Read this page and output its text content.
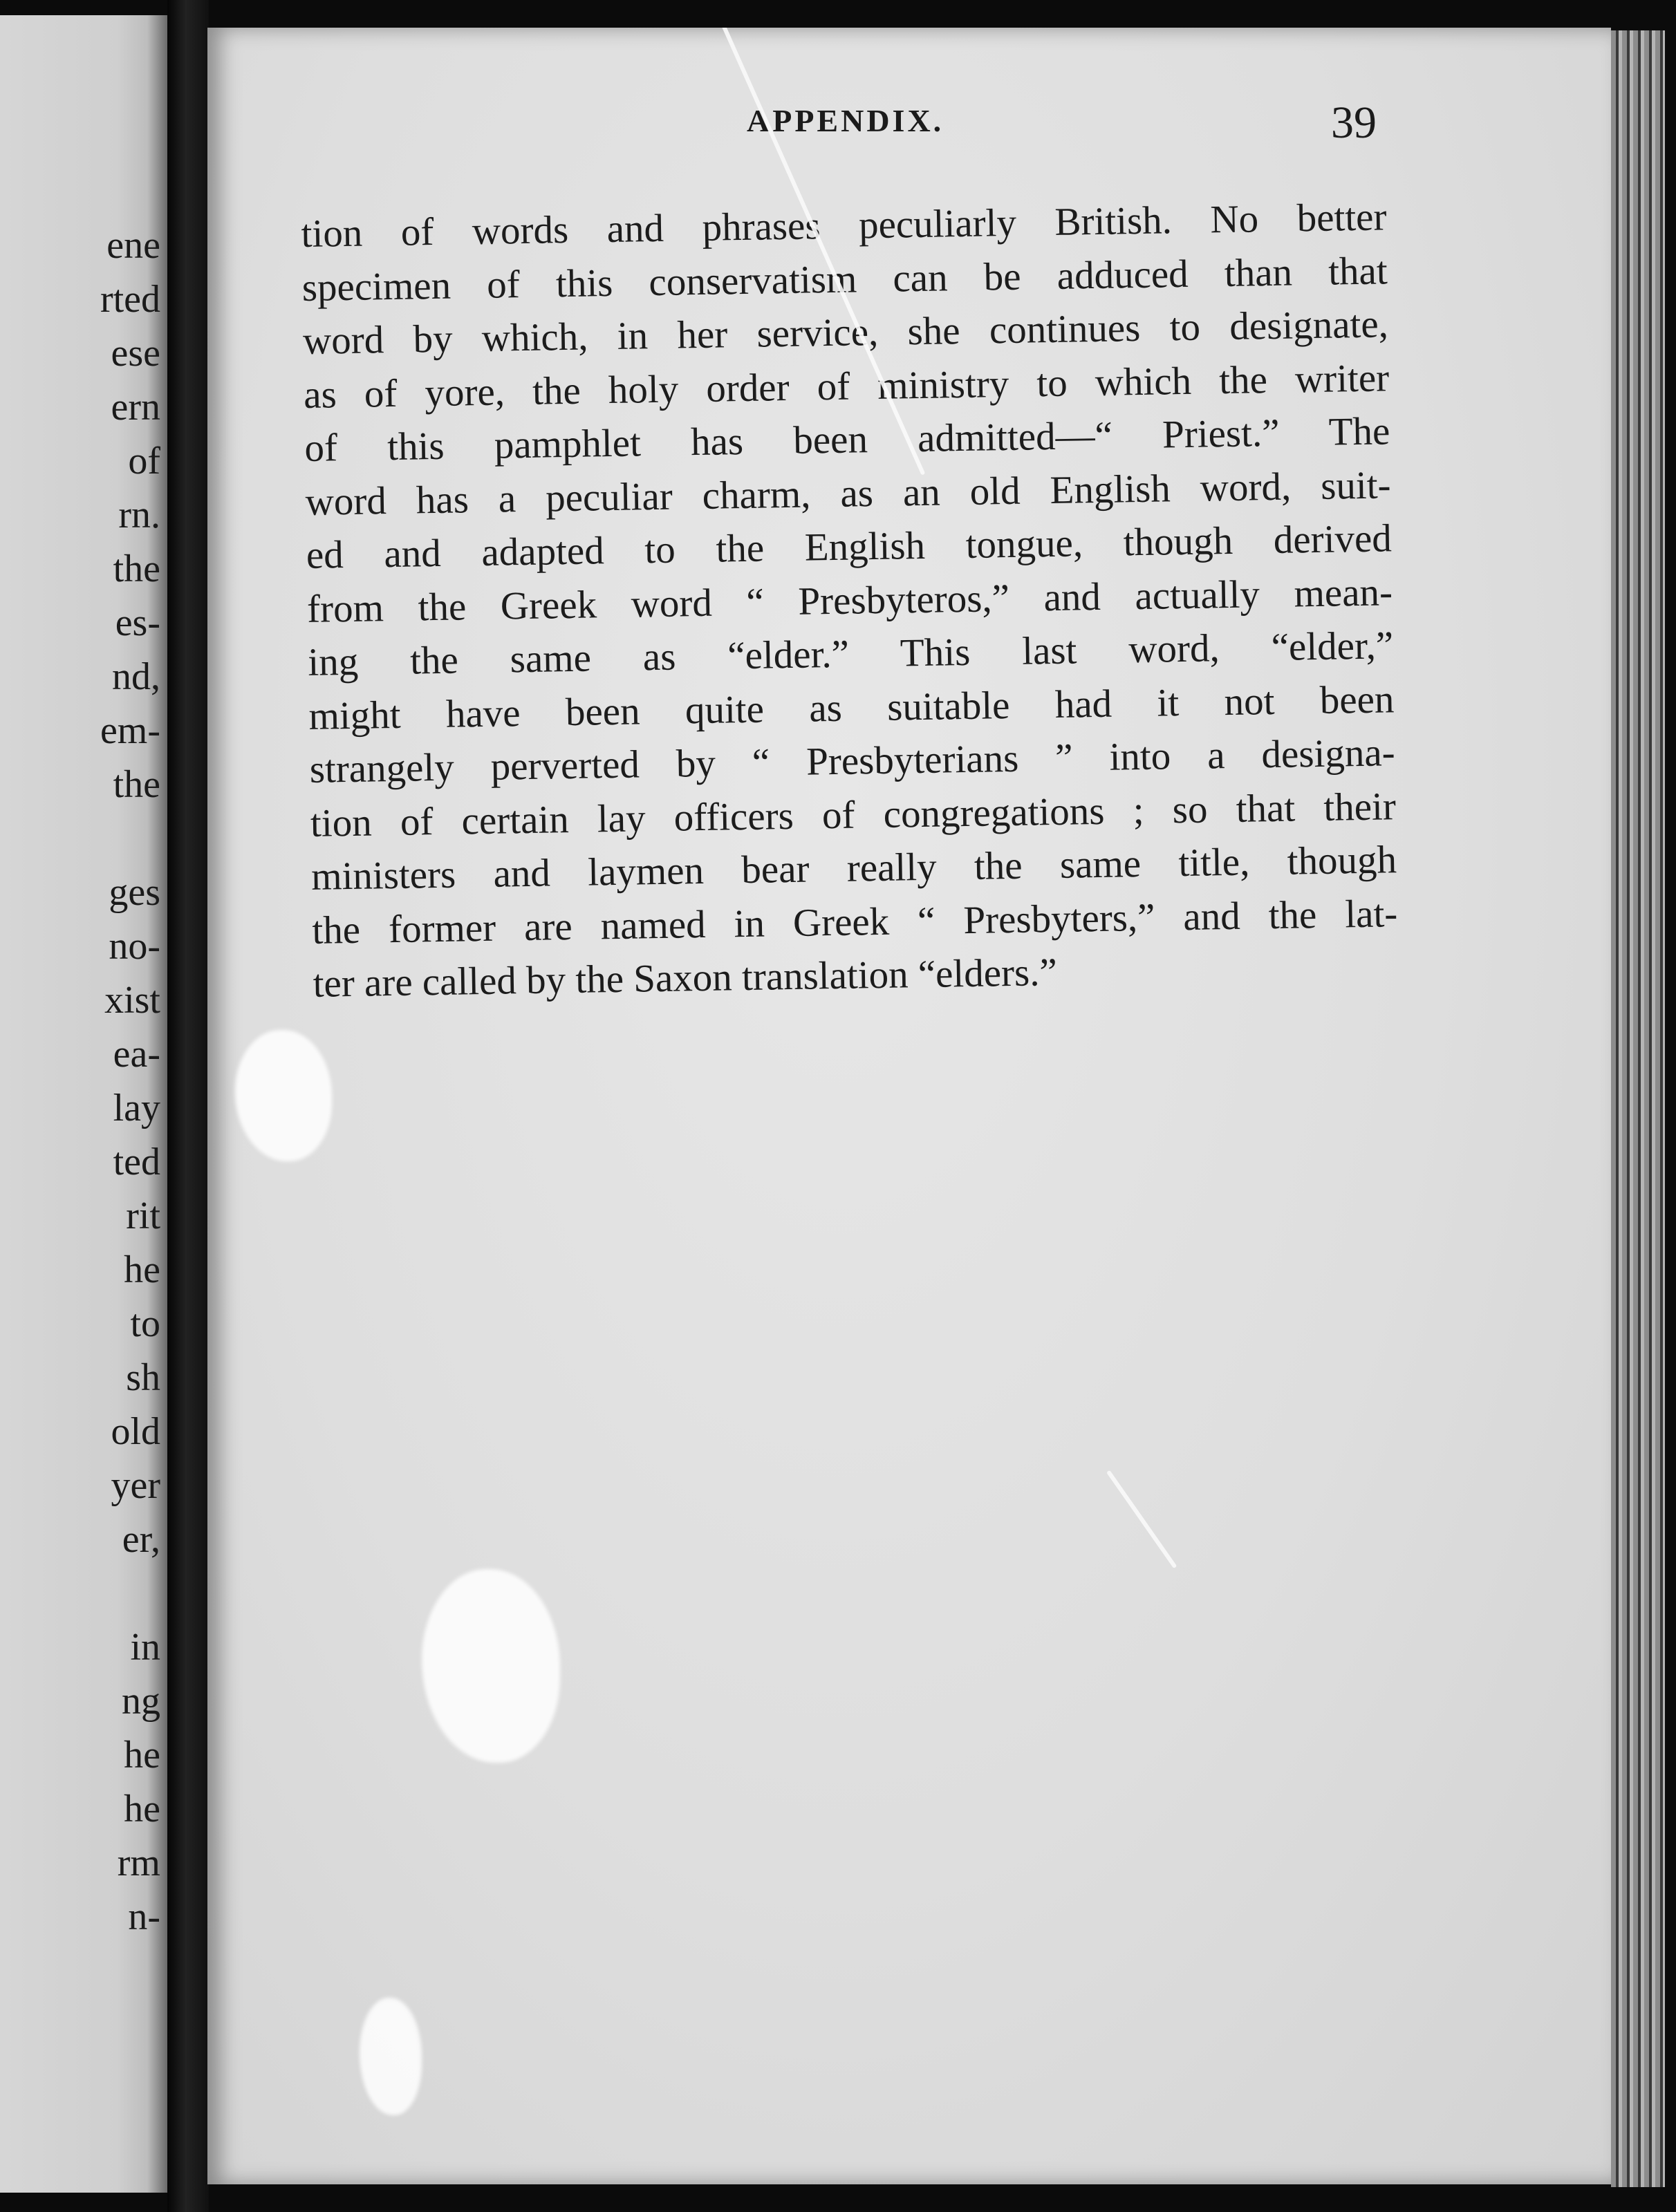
ene

rted

ese

ern

of

rn.

the

es-

nd,

em-

the

ges

no-

xist

ea-

lay

ted

rit

he

to

sh

old

yer

er,

in

ng

he

he

rm

n-

APPENDIX.	39

tion of words and phrases peculiarly British. No better
specimen of this conservatism can be adduced than that
word by which, in her service, she continues to designate,
as of yore, the holy order of ministry to which the writer
of this pamphlet has been admitted—“ Priest.” The
word has a peculiar charm, as an old English word, suit-
ed and adapted to the English tongue, though derived
from the Greek word “ Presbyteros,” and actually mean-
ing the same as “elder.” This last word, “elder,”
might have been quite as suitable had it not been
strangely perverted by “ Presbyterians ” into a designa-
tion of certain lay officers of congregations ; so that their
ministers and laymen bear really the same title, though
the former are named in Greek “ Presbyters,” and the lat-
ter are called by the Saxon translation “elders.”
